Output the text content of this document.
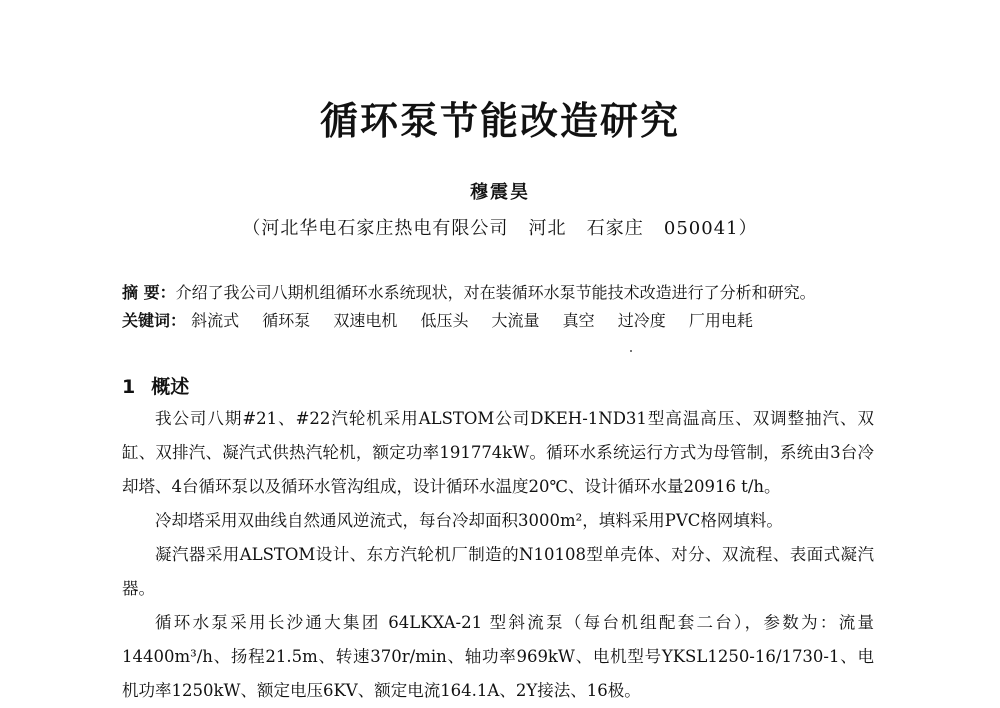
循环泵节能改造研究
穆震昊
（河北华电石家庄热电有限公司   河北   石家庄   050041）
摘 要：介绍了我公司八期机组循环水系统现状，对在装循环水泵节能技术改造进行了分析和研究。
关键词： 斜流式 循环泵 双速电机 低压头 大流量 真空 过冷度 厂用电耗
1 概述

我公司八期#21、#22汽轮机采用ALSTOM公司DKEH-1ND31型高温高压、双调整抽汽、双缸、双排汽、凝汽式供热汽轮机，额定功率191774kW。循环水系统运行方式为母管制，系统由3台冷却塔、4台循环泵以及循环水管沟组成，设计循环水温度20℃、设计循环水量20916 t/h。

冷却塔采用双曲线自然通风逆流式，每台冷却面积3000m²，填料采用PVC格网填料。

凝汽器采用ALSTOM设计、东方汽轮机厂制造的N10108型单壳体、对分、双流程、表面式凝汽器。

循环水泵采用长沙通大集团 64LKXA-21 型斜流泵（每台机组配套二台），参数为：流量14400m³/h、扬程21.5m、转速370r/min、轴功率969kW、电机型号YKSL1250-16/1730-1、电机功率1250kW、额定电压6KV、额定电流164.1A、2Y接法、16极。
